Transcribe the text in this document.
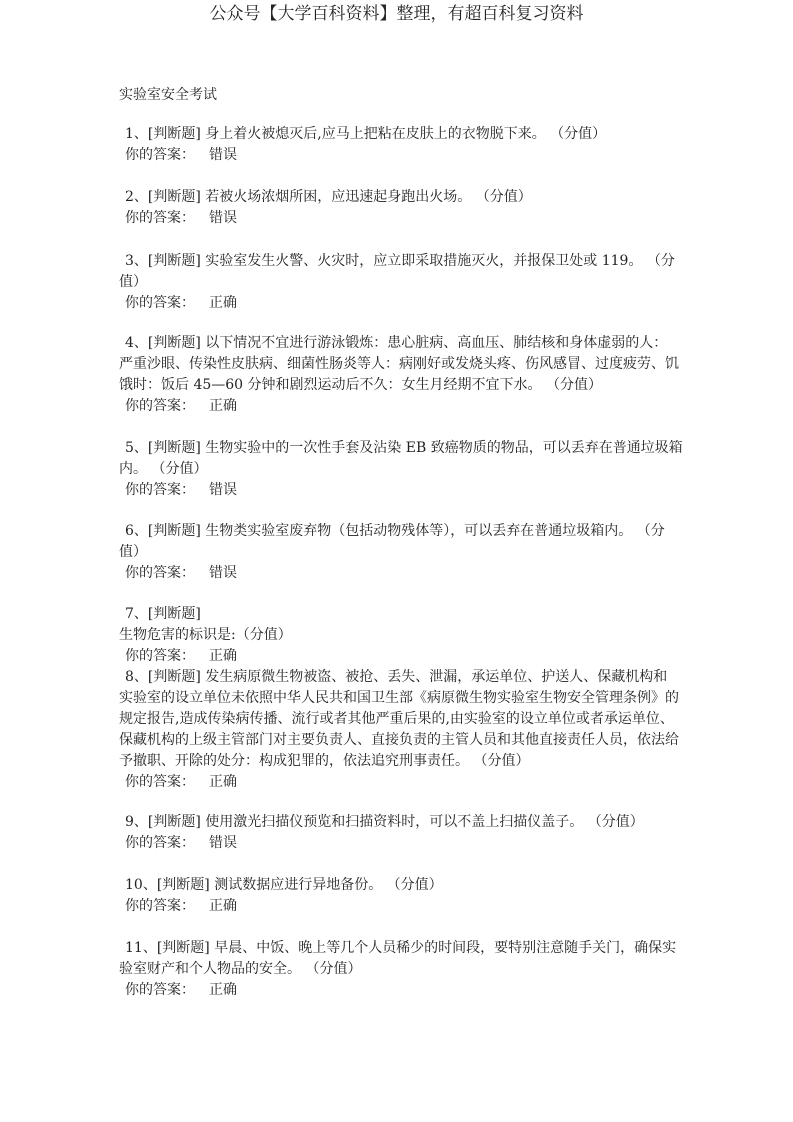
公众号【大学百科资料】整理，有超百科复习资料
实验室安全考试
1、[判断题] 身上着火被熄灭后,应马上把粘在皮肤上的衣物脱下来。 （分值）
你的答案： 错误
2、[判断题] 若被火场浓烟所困，应迅速起身跑出火场。 （分值）
你的答案： 错误
3、[判断题] 实验室发生火警、火灾时，应立即采取措施灭火，并报保卫处或 119。 （分
值）
你的答案： 正确
4、[判断题] 以下情况不宜进行游泳锻炼：患心脏病、高血压、肺结核和身体虚弱的人：
严重沙眼、传染性皮肤病、细菌性肠炎等人：病刚好或发烧头疼、伤风感冒、过度疲劳、饥
饿时：饭后 45—60 分钟和剧烈运动后不久：女生月经期不宜下水。 （分值）
你的答案： 正确
5、[判断题] 生物实验中的一次性手套及沾染 EB 致癌物质的物品，可以丢弃在普通垃圾箱
内。 （分值）
你的答案： 错误
6、[判断题] 生物类实验室废弃物（包括动物残体等），可以丢弃在普通垃圾箱内。 （分
值）
你的答案： 错误
7、[判断题]
生物危害的标识是:（分值）
你的答案： 正确
8、[判断题] 发生病原微生物被盗、被抢、丢失、泄漏，承运单位、护送人、保藏机构和
实验室的设立单位未依照中华人民共和国卫生部《病原微生物实验室生物安全管理条例》的
规定报告,造成传染病传播、流行或者其他严重后果的,由实验室的设立单位或者承运单位、
保藏机构的上级主管部门对主要负责人、直接负责的主管人员和其他直接责任人员，依法给
予撤职、开除的处分：构成犯罪的，依法追究刑事责任。 （分值）
你的答案： 正确
9、[判断题] 使用激光扫描仪预览和扫描资料时，可以不盖上扫描仪盖子。 （分值）
你的答案： 错误
10、[判断题] 测试数据应进行异地备份。 （分值）
你的答案： 正确
11、[判断题] 早晨、中饭、晚上等几个人员稀少的时间段，要特别注意随手关门，确保实
验室财产和个人物品的安全。 （分值）
你的答案： 正确
